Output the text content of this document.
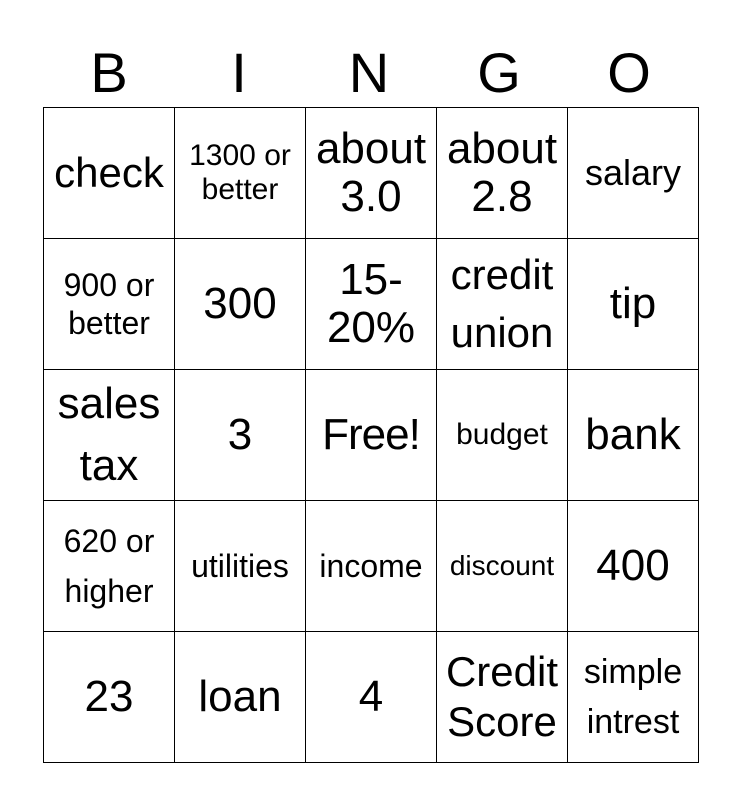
B	I	N	G	O
check	1300 or better	about 3.0	about 2.8	salary

900 or better	300	15-20%	credit union	tip

sales tax	3	Free!	budget	bank

620 or higher	utilities	income	discount	400

23	loan	4	Credit Score	simple intrest
